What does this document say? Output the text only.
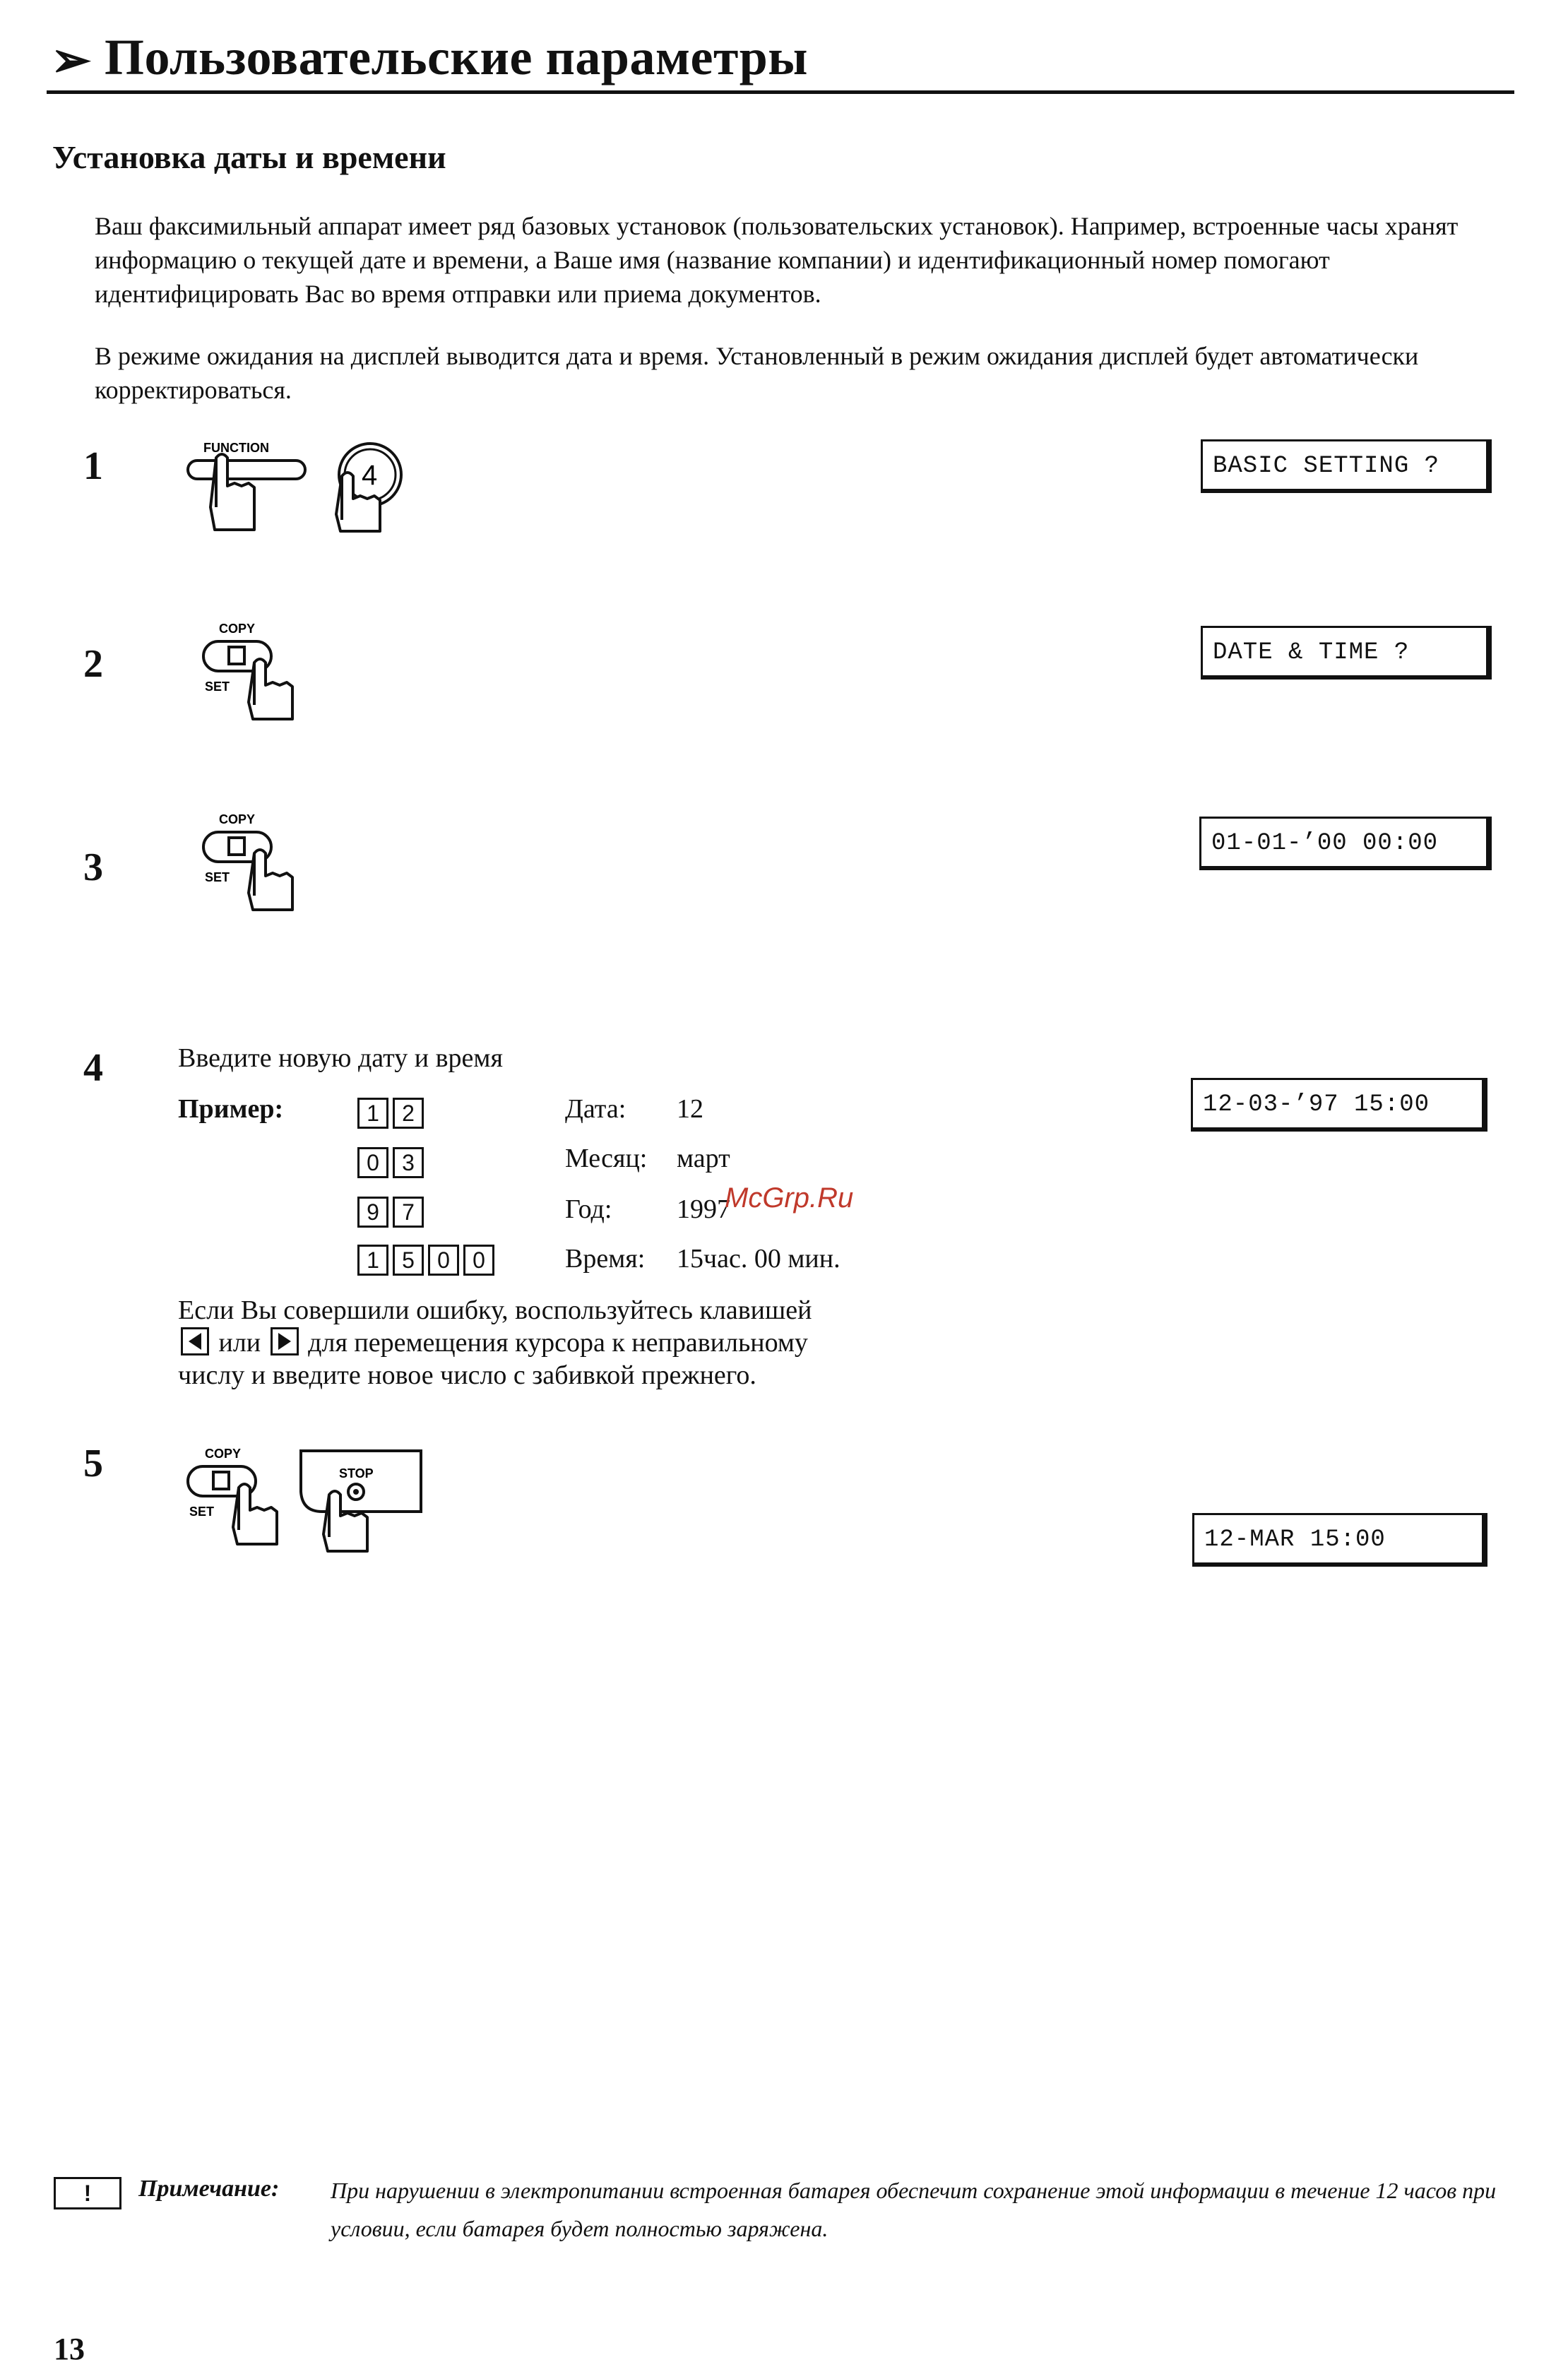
➢ Пользовательские параметры
Установка даты и времени
Ваш факсимильный аппарат имеет ряд базовых установок (пользовательских установок). Например, встроенные часы хранят информацию о текущей дате и времени, а Ваше имя (название компании) и идентификационный номер помогают идентифицировать Вас во время отправки или приема документов.
В режиме ожидания на дисплей выводится дата и время. Установленный в режим ожидания дисплей будет автоматически корректироваться.
1	FUNCTION
4	BASIC SETTING ?
2
COPY
SET
DATE & TIME ?
3
COPY
SET
01-01-’00 00:00
4	Введите новую дату и время
Пример:	1 2	Дата: 12
0 3	Месяц: март
9 7	Год: 1997
1 5 0 0	Время: 15час. 00 мин.
McGrp.Ru
Если Вы совершили ошибку, воспользуйтесь клавишей
или для перемещения курсора к неправильному
числу и введите новое число с забивкой прежнего.
12-03-’97 15:00
5	COPY
SET
STOP
12-MAR 15:00
!	Примечание: При нарушении в электропитании встроенная батарея обеспечит сохранение этой информации в течение 12 часов при условии, если батарея будет полностью заряжена.
13
